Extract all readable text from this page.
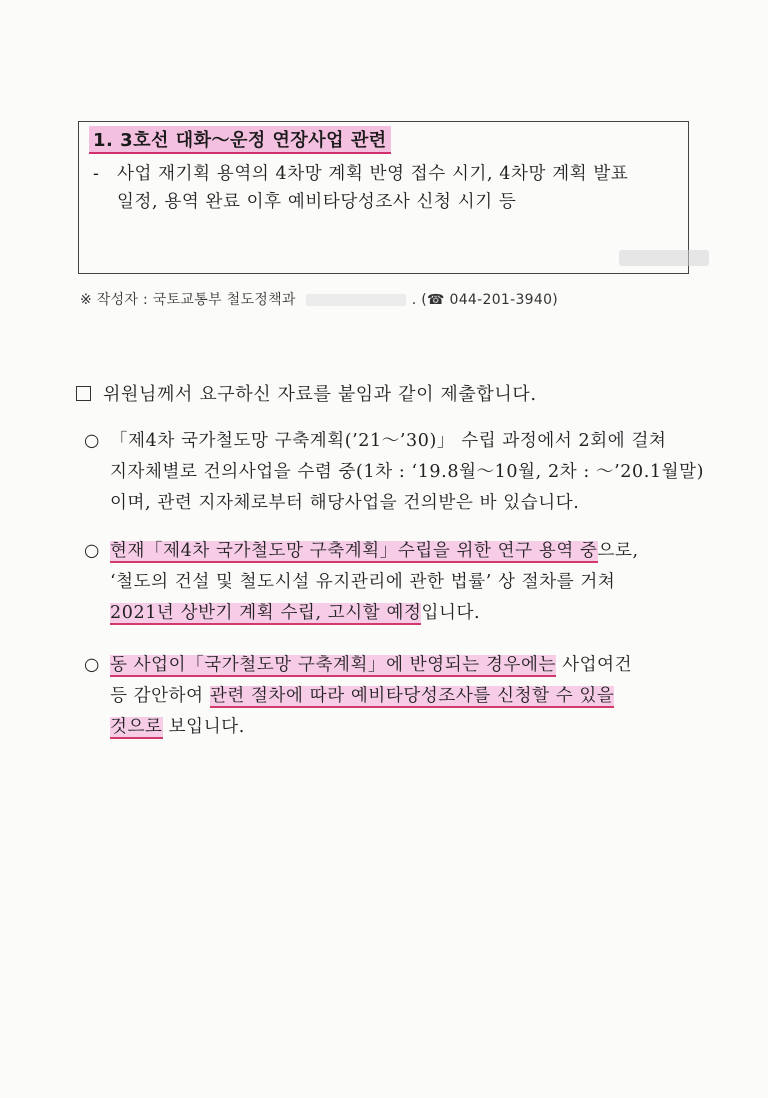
1. 3호선 대화～운정 연장사업 관련
- 사업 재기획 용역의 4차망 계획 반영 접수 시기, 4차망 계획 발표
일정, 용역 완료 이후 예비타당성조사 신청 시기 등
※ 작성자 : 국토교통부 철도정책과	. (☎ 044-201-3940)
위원님께서 요구하신 자료를 붙임과 같이 제출합니다.
○ 「제4차 국가철도망 구축계획(’21～’30)」 수립 과정에서 2회에 걸쳐
지자체별로 건의사업을 수렴 중(1차 : ‘19.8월～10월, 2차 : ～’20.1월말)
이며, 관련 지자체로부터 해당사업을 건의받은 바 있습니다.
○ 현재「제4차 국가철도망 구축계획」수립을 위한 연구 용역 중으로,
‘철도의 건설 및 철도시설 유지관리에 관한 법률’ 상 절차를 거쳐
2021년 상반기 계획 수립, 고시할 예정입니다.
○ 동 사업이「국가철도망 구축계획」에 반영되는 경우에는 사업여건
등 감안하여 관련 절차에 따라 예비타당성조사를 신청할 수 있을
것으로 보입니다.
